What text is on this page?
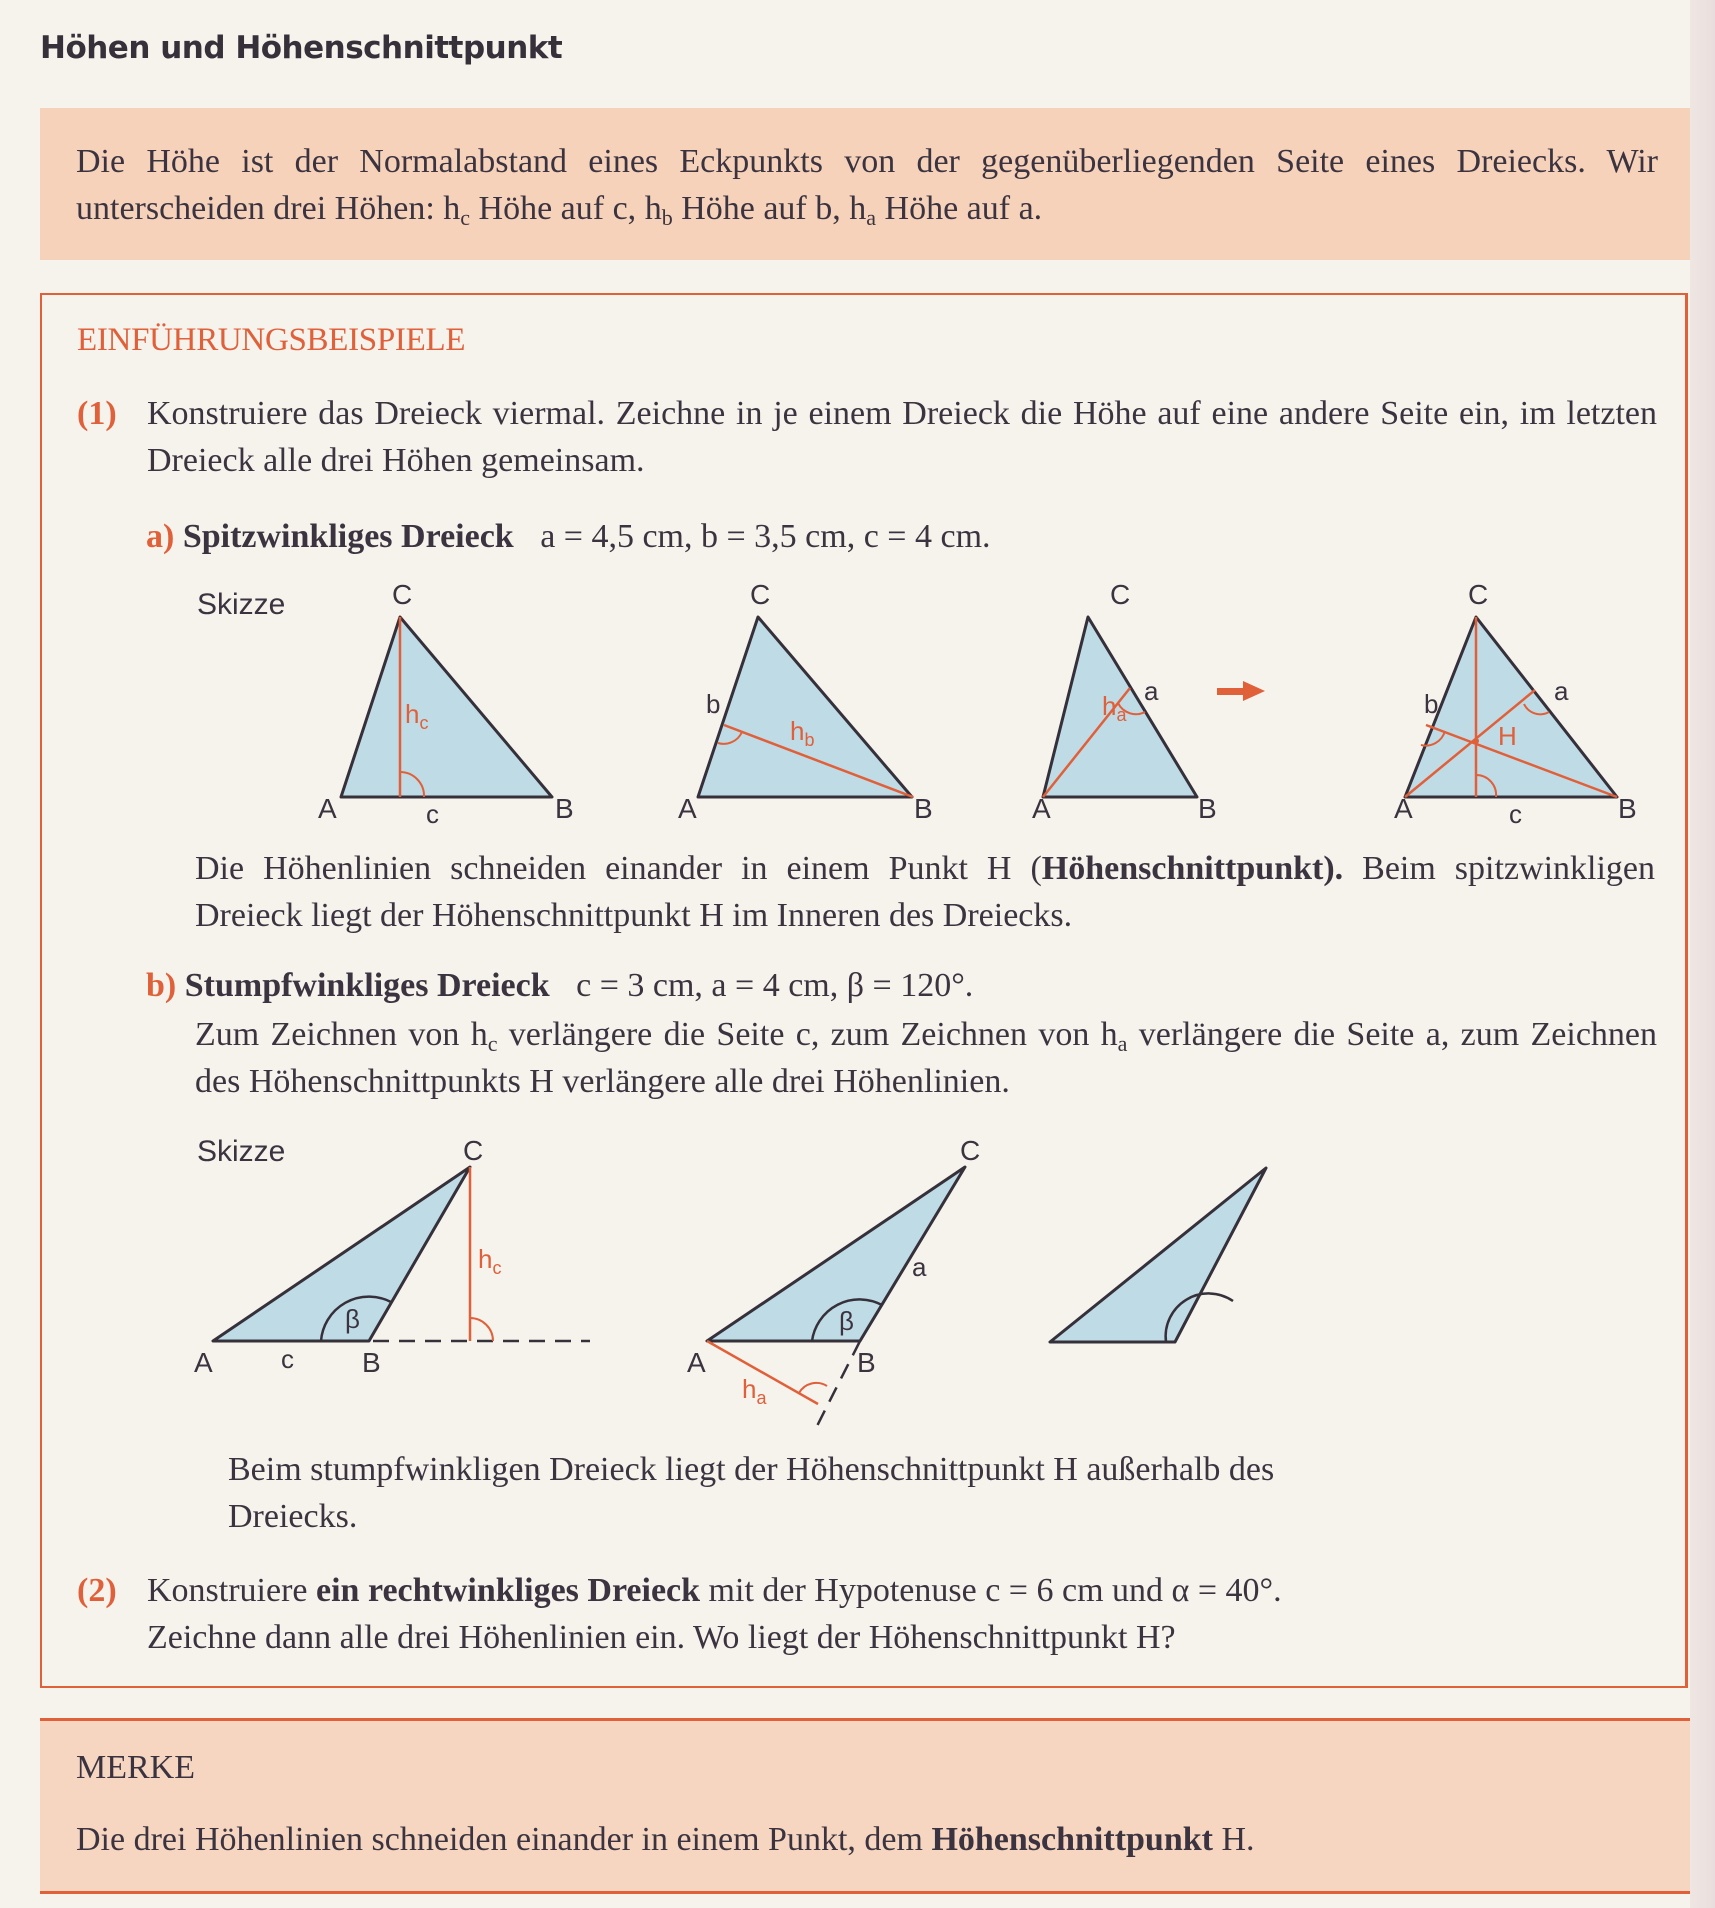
Höhen und Höhenschnittpunkt
Die Höhe ist der Normalabstand eines Eckpunkts von der gegenüberliegenden Seite eines Dreiecks. Wir unterscheiden drei Höhen: $h_c$ Höhe auf c, $h_b$ Höhe auf b, $h_a$ Höhe auf a.
EINFÜHRUNGSBEISPIELE
(1) Konstruiere das Dreieck viermal. Zeichne in je einem Dreieck die Höhe auf eine andere Seite ein, im letzten Dreieck alle drei Höhen gemeinsam.
a) Spitzwinkliges Dreieck a = 4,5 cm, b = 3,5 cm, c = 4 cm.
Skizze
Die Höhenlinien schneiden einander in einem Punkt H (Höhenschnittpunkt). Beim spitzwinkligen Dreieck liegt der Höhenschnittpunkt H im Inneren des Dreiecks.
b) Stumpfwinkliges Dreieck c = 3 cm, a = 4 cm, β = 120°.
Zum Zeichnen von $h_c$ verlängere die Seite c, zum Zeichnen von $h_a$ verlängere die Seite a, zum Zeichnen des Höhenschnittpunkts H verlängere alle drei Höhenlinien.
Skizze
Beim stumpfwinkligen Dreieck liegt der Höhenschnittpunkt H außerhalb des Dreiecks.
(2) Konstruiere ein rechtwinkliges Dreieck mit der Hypotenuse c = 6 cm und α = 40°.
Zeichne dann alle drei Höhenlinien ein. Wo liegt der Höhenschnittpunkt H?
C
A	B
c
$h_c$
C
A	B
b
$h_b$
C
A	B
a
$h_a$
C
A	B
b	a
c
H
C
A	B
c
β
$h_c$
C
A	B
a
β
$h_a$
MERKE
Die drei Höhenlinien schneiden einander in einem Punkt, dem Höhenschnittpunkt H.
